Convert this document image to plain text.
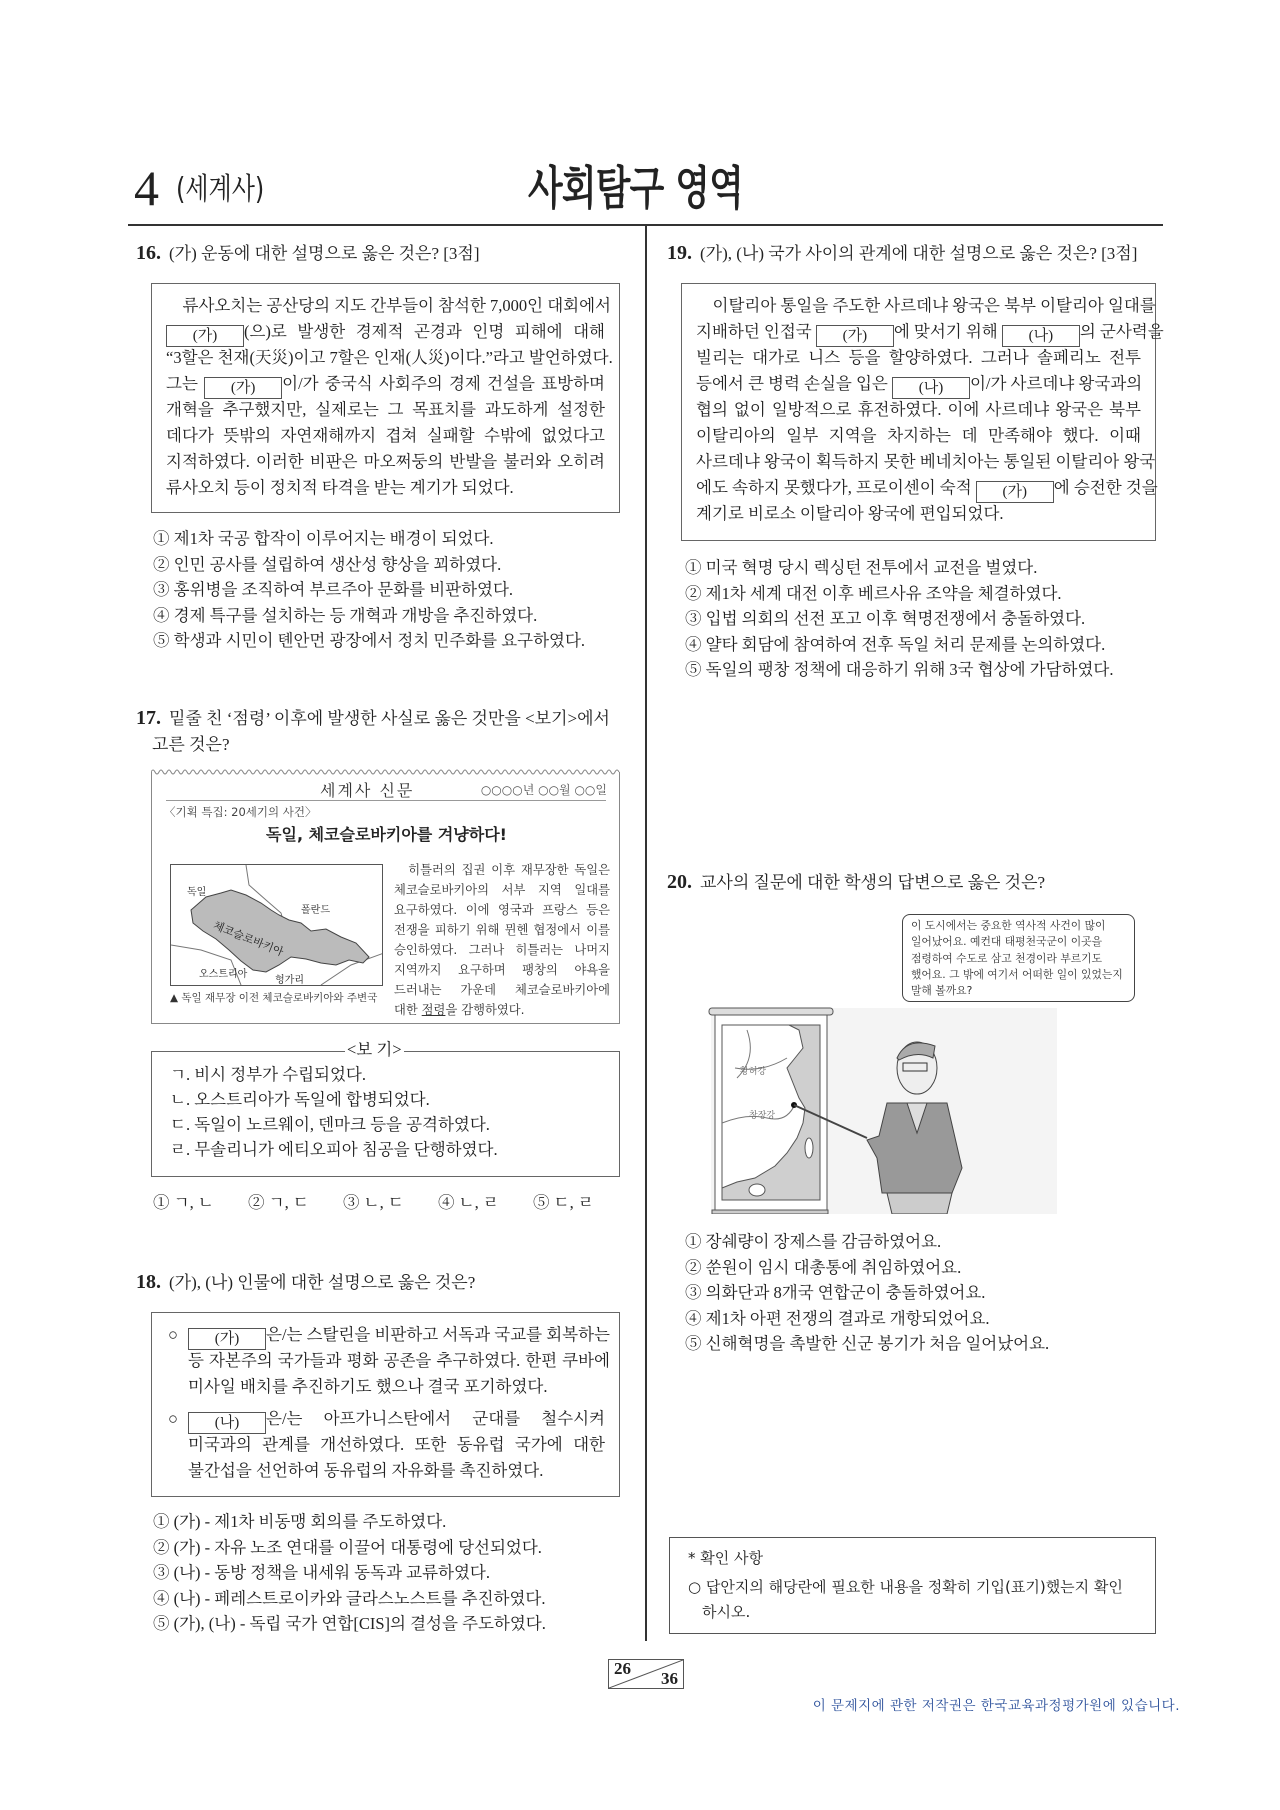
4 (세계사)	사회탐구 영역
16. (가) 운동에 대한 설명으로 옳은 것은? [3점]
　류사오치는 공산당의 지도 간부들이 참석한 7,000인 대회에서
(가) (으)로 발생한 경제적 곤경과 인명 피해에 대해
“3할은 천재(天災)이고 7할은 인재(人災)이다.”라고 발언하였다.
그는 (가) 이/가 중국식 사회주의 경제 건설을 표방하며
개혁을 추구했지만, 실제로는 그 목표치를 과도하게 설정한
데다가 뜻밖의 자연재해까지 겹쳐 실패할 수밖에 없었다고
지적하였다. 이러한 비판은 마오쩌둥의 반발을 불러와 오히려
류사오치 등이 정치적 타격을 받는 계기가 되었다.
① 제1차 국공 합작이 이루어지는 배경이 되었다.
② 인민 공사를 설립하여 생산성 향상을 꾀하였다.
③ 홍위병을 조직하여 부르주아 문화를 비판하였다.
④ 경제 특구를 설치하는 등 개혁과 개방을 추진하였다.
⑤ 학생과 시민이 톈안먼 광장에서 정치 민주화를 요구하였다.
17. 밑줄 친 ‘점령’ 이후에 발생한 사실로 옳은 것만을 <보기>에서
고른 것은?
세계사 신문	○○○○년 ○○월 ○○일
〈기획 특집: 20세기의 사건〉
독일, 체코슬로바키아를 겨냥하다!
독일
폴란드
체코슬로바키아
오스트리아
헝가리
▲ 독일 재무장 이전 체코슬로바키아와 주변국
　히틀러의 집권 이후 재무장한 독일은
체코슬로바키아의 서부 지역 일대를
요구하였다. 이에 영국과 프랑스 등은
전쟁을 피하기 위해 뮌헨 협정에서 이를
승인하였다. 그러나 히틀러는 나머지
지역까지 요구하며 팽창의 야욕을
드러내는 가운데 체코슬로바키아에
대한 점령을 감행하였다.
ㄱ. 비시 정부가 수립되었다.
ㄴ. 오스트리아가 독일에 합병되었다.
ㄷ. 독일이 노르웨이, 덴마크 등을 공격하였다.
ㄹ. 무솔리니가 에티오피아 침공을 단행하였다.
<보 기>
① ㄱ, ㄴ	② ㄱ, ㄷ	③ ㄴ, ㄷ	④ ㄴ, ㄹ	⑤ ㄷ, ㄹ
18. (가), (나) 인물에 대한 설명으로 옳은 것은?
○	(가) 은/는 스탈린을 비판하고 서독과 국교를 회복하는
등 자본주의 국가들과 평화 공존을 추구하였다. 한편 쿠바에
미사일 배치를 추진하기도 했으나 결국 포기하였다.
○	(나) 은/는 아프가니스탄에서 군대를 철수시켜
미국과의 관계를 개선하였다. 또한 동유럽 국가에 대한
불간섭을 선언하여 동유럽의 자유화를 촉진하였다.
① (가) - 제1차 비동맹 회의를 주도하였다.
② (가) - 자유 노조 연대를 이끌어 대통령에 당선되었다.
③ (나) - 동방 정책을 내세워 동독과 교류하였다.
④ (나) - 페레스트로이카와 글라스노스트를 추진하였다.
⑤ (가), (나) - 독립 국가 연합[CIS]의 결성을 주도하였다.
19. (가), (나) 국가 사이의 관계에 대한 설명으로 옳은 것은? [3점]
　이탈리아 통일을 주도한 사르데냐 왕국은 북부 이탈리아 일대를
지배하던 인접국 (가) 에 맞서기 위해 (나) 의 군사력을
빌리는 대가로 니스 등을 할양하였다. 그러나 솔페리노 전투
등에서 큰 병력 손실을 입은 (나) 이/가 사르데냐 왕국과의
협의 없이 일방적으로 휴전하였다. 이에 사르데냐 왕국은 북부
이탈리아의 일부 지역을 차지하는 데 만족해야 했다. 이때
사르데냐 왕국이 획득하지 못한 베네치아는 통일된 이탈리아 왕국
에도 속하지 못했다가, 프로이센이 숙적 (가) 에 승전한 것을
계기로 비로소 이탈리아 왕국에 편입되었다.
① 미국 혁명 당시 렉싱턴 전투에서 교전을 벌였다.
② 제1차 세계 대전 이후 베르사유 조약을 체결하였다.
③ 입법 의회의 선전 포고 이후 혁명전쟁에서 충돌하였다.
④ 얄타 회담에 참여하여 전후 독일 처리 문제를 논의하였다.
⑤ 독일의 팽창 정책에 대응하기 위해 3국 협상에 가담하였다.
20. 교사의 질문에 대한 학생의 답변으로 옳은 것은?
황허강
창장강
이 도시에서는 중요한 역사적 사건이 많이
일어났어요. 예컨대 태평천국군이 이곳을
점령하여 수도로 삼고 천경이라 부르기도
했어요. 그 밖에 여기서 어떠한 일이 있었는지
말해 볼까요?
① 장쉐량이 장제스를 감금하였어요.
② 쑨원이 임시 대총통에 취임하였어요.
③ 의화단과 8개국 연합군이 충돌하였어요.
④ 제1차 아편 전쟁의 결과로 개항되었어요.
⑤ 신해혁명을 촉발한 신군 봉기가 처음 일어났어요.
* 확인 사항
○ 답안지의 해당란에 필요한 내용을 정확히 기입(표기)했는지 확인
하시오.
26
36
이 문제지에 관한 저작권은 한국교육과정평가원에 있습니다.
